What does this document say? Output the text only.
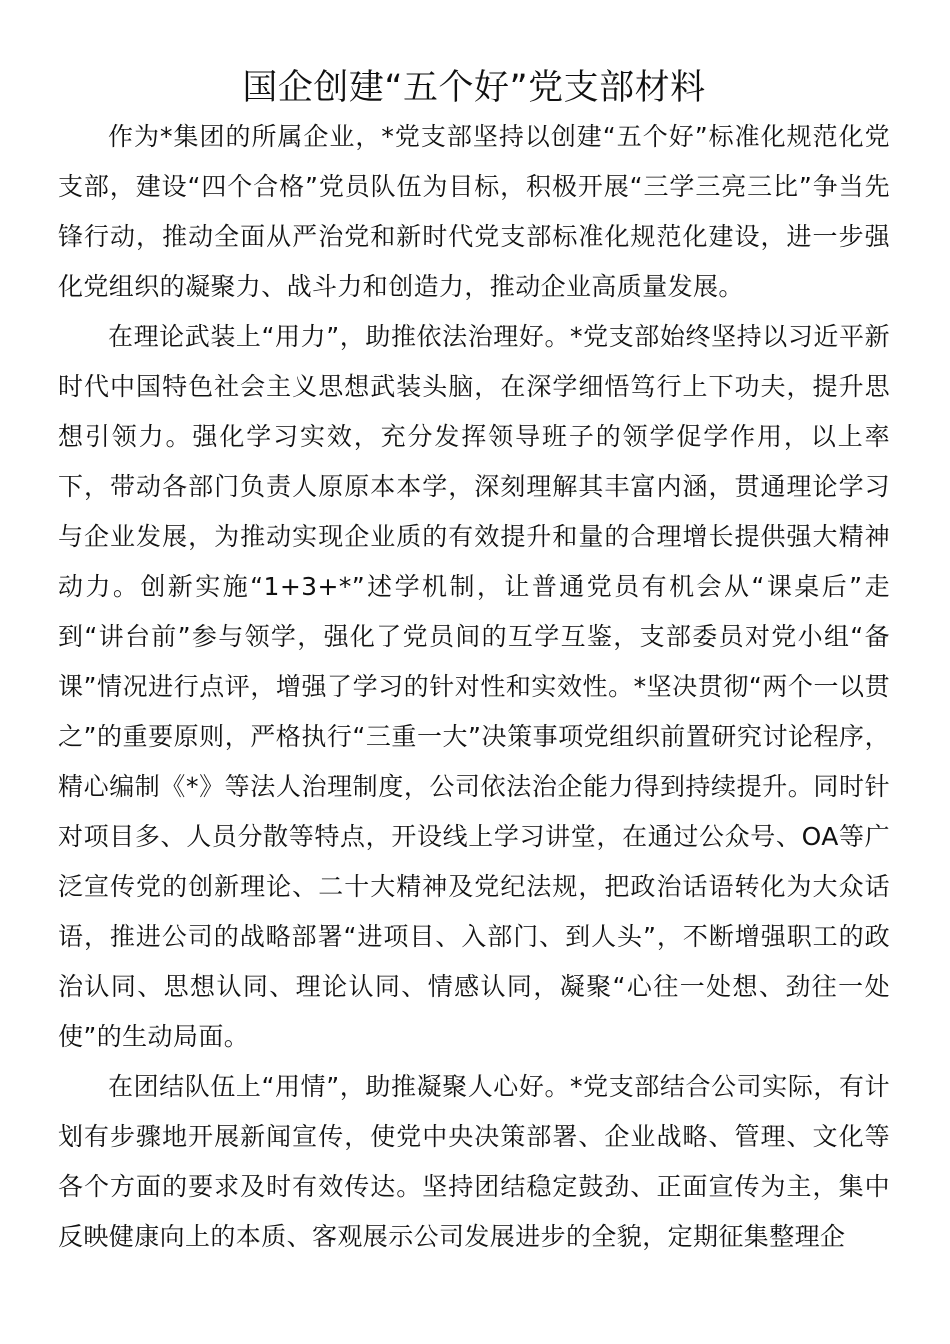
国企创建“五个好”党支部材料

作为*集团的所属企业，*党支部坚持以创建“五个好”标准化规范化党支部，建设“四个合格”党员队伍为目标，积极开展“三学三亮三比”争当先锋行动，推动全面从严治党和新时代党支部标准化规范化建设，进一步强化党组织的凝聚力、战斗力和创造力，推动企业高质量发展。

在理论武装上“用力”，助推依法治理好。*党支部始终坚持以习近平新时代中国特色社会主义思想武装头脑，在深学细悟笃行上下功夫，提升思想引领力。强化学习实效，充分发挥领导班子的领学促学作用，以上率下，带动各部门负责人原原本本学，深刻理解其丰富内涵，贯通理论学习与企业发展，为推动实现企业质的有效提升和量的合理增长提供强大精神动力。创新实施“1+3+*”述学机制，让普通党员有机会从“课桌后”走到“讲台前”参与领学，强化了党员间的互学互鉴，支部委员对党小组“备课”情况进行点评，增强了学习的针对性和实效性。*坚决贯彻“两个一以贯之”的重要原则，严格执行“三重一大”决策事项党组织前置研究讨论程序，精心编制《*》等法人治理制度，公司依法治企能力得到持续提升。同时针对项目多、人员分散等特点，开设线上学习讲堂，在通过公众号、OA等广泛宣传党的创新理论、二十大精神及党纪法规，把政治话语转化为大众话语，推进公司的战略部署“进项目、入部门、到人头”，不断增强职工的政治认同、思想认同、理论认同、情感认同，凝聚“心往一处想、劲往一处使”的生动局面。

在团结队伍上“用情”，助推凝聚人心好。*党支部结合公司实际，有计划有步骤地开展新闻宣传，使党中央决策部署、企业战略、管理、文化等各个方面的要求及时有效传达。坚持团结稳定鼓劲、正面宣传为主，集中反映健康向上的本质、客观展示公司发展进步的全貌，定期征集整理企
